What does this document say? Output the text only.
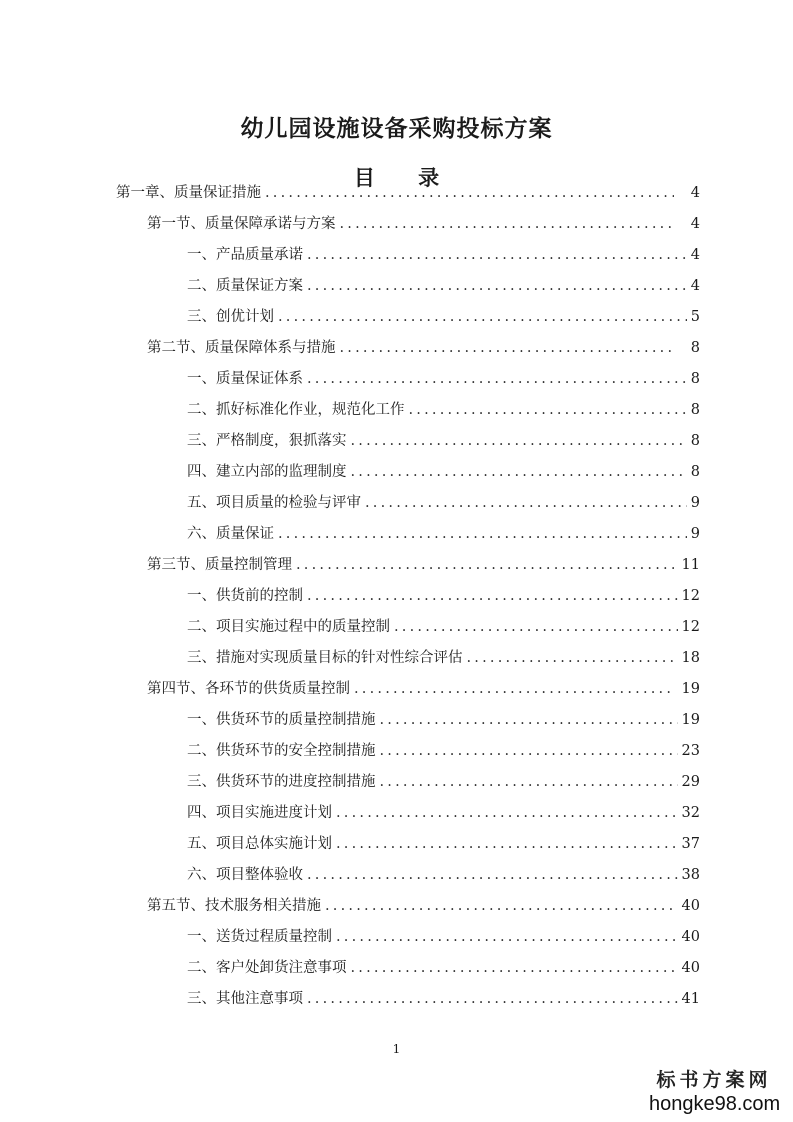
幼儿园设施设备采购投标方案
目 录
第一章、质量保证措施 .....	4
第一节、质量保障承诺与方案 .....	4
一、产品质量承诺 .....	4
二、质量保证方案 .....	4
三、创优计划 .....	5
第二节、质量保障体系与措施 .....	8
一、质量保证体系 .....	8
二、抓好标准化作业，规范化工作 .....	8
三、严格制度，狠抓落实 .....	8
四、建立内部的监理制度 .....	8
五、项目质量的检验与评审 .....	9
六、质量保证 .....	9
第三节、质量控制管理 .....	11
一、供货前的控制 .....	12
二、项目实施过程中的质量控制 .....	12
三、措施对实现质量目标的针对性综合评估 .....	18
第四节、各环节的供货质量控制 .....	19
一、供货环节的质量控制措施 .....	19
二、供货环节的安全控制措施 .....	23
三、供货环节的进度控制措施 .....	29
四、项目实施进度计划 .....	32
五、项目总体实施计划 .....	37
六、项目整体验收 .....	38
第五节、技术服务相关措施 .....	40
一、送货过程质量控制 .....	40
二、客户处卸货注意事项 .....	40
三、其他注意事项 .....	41
1
标书方案网
hongke98.com
